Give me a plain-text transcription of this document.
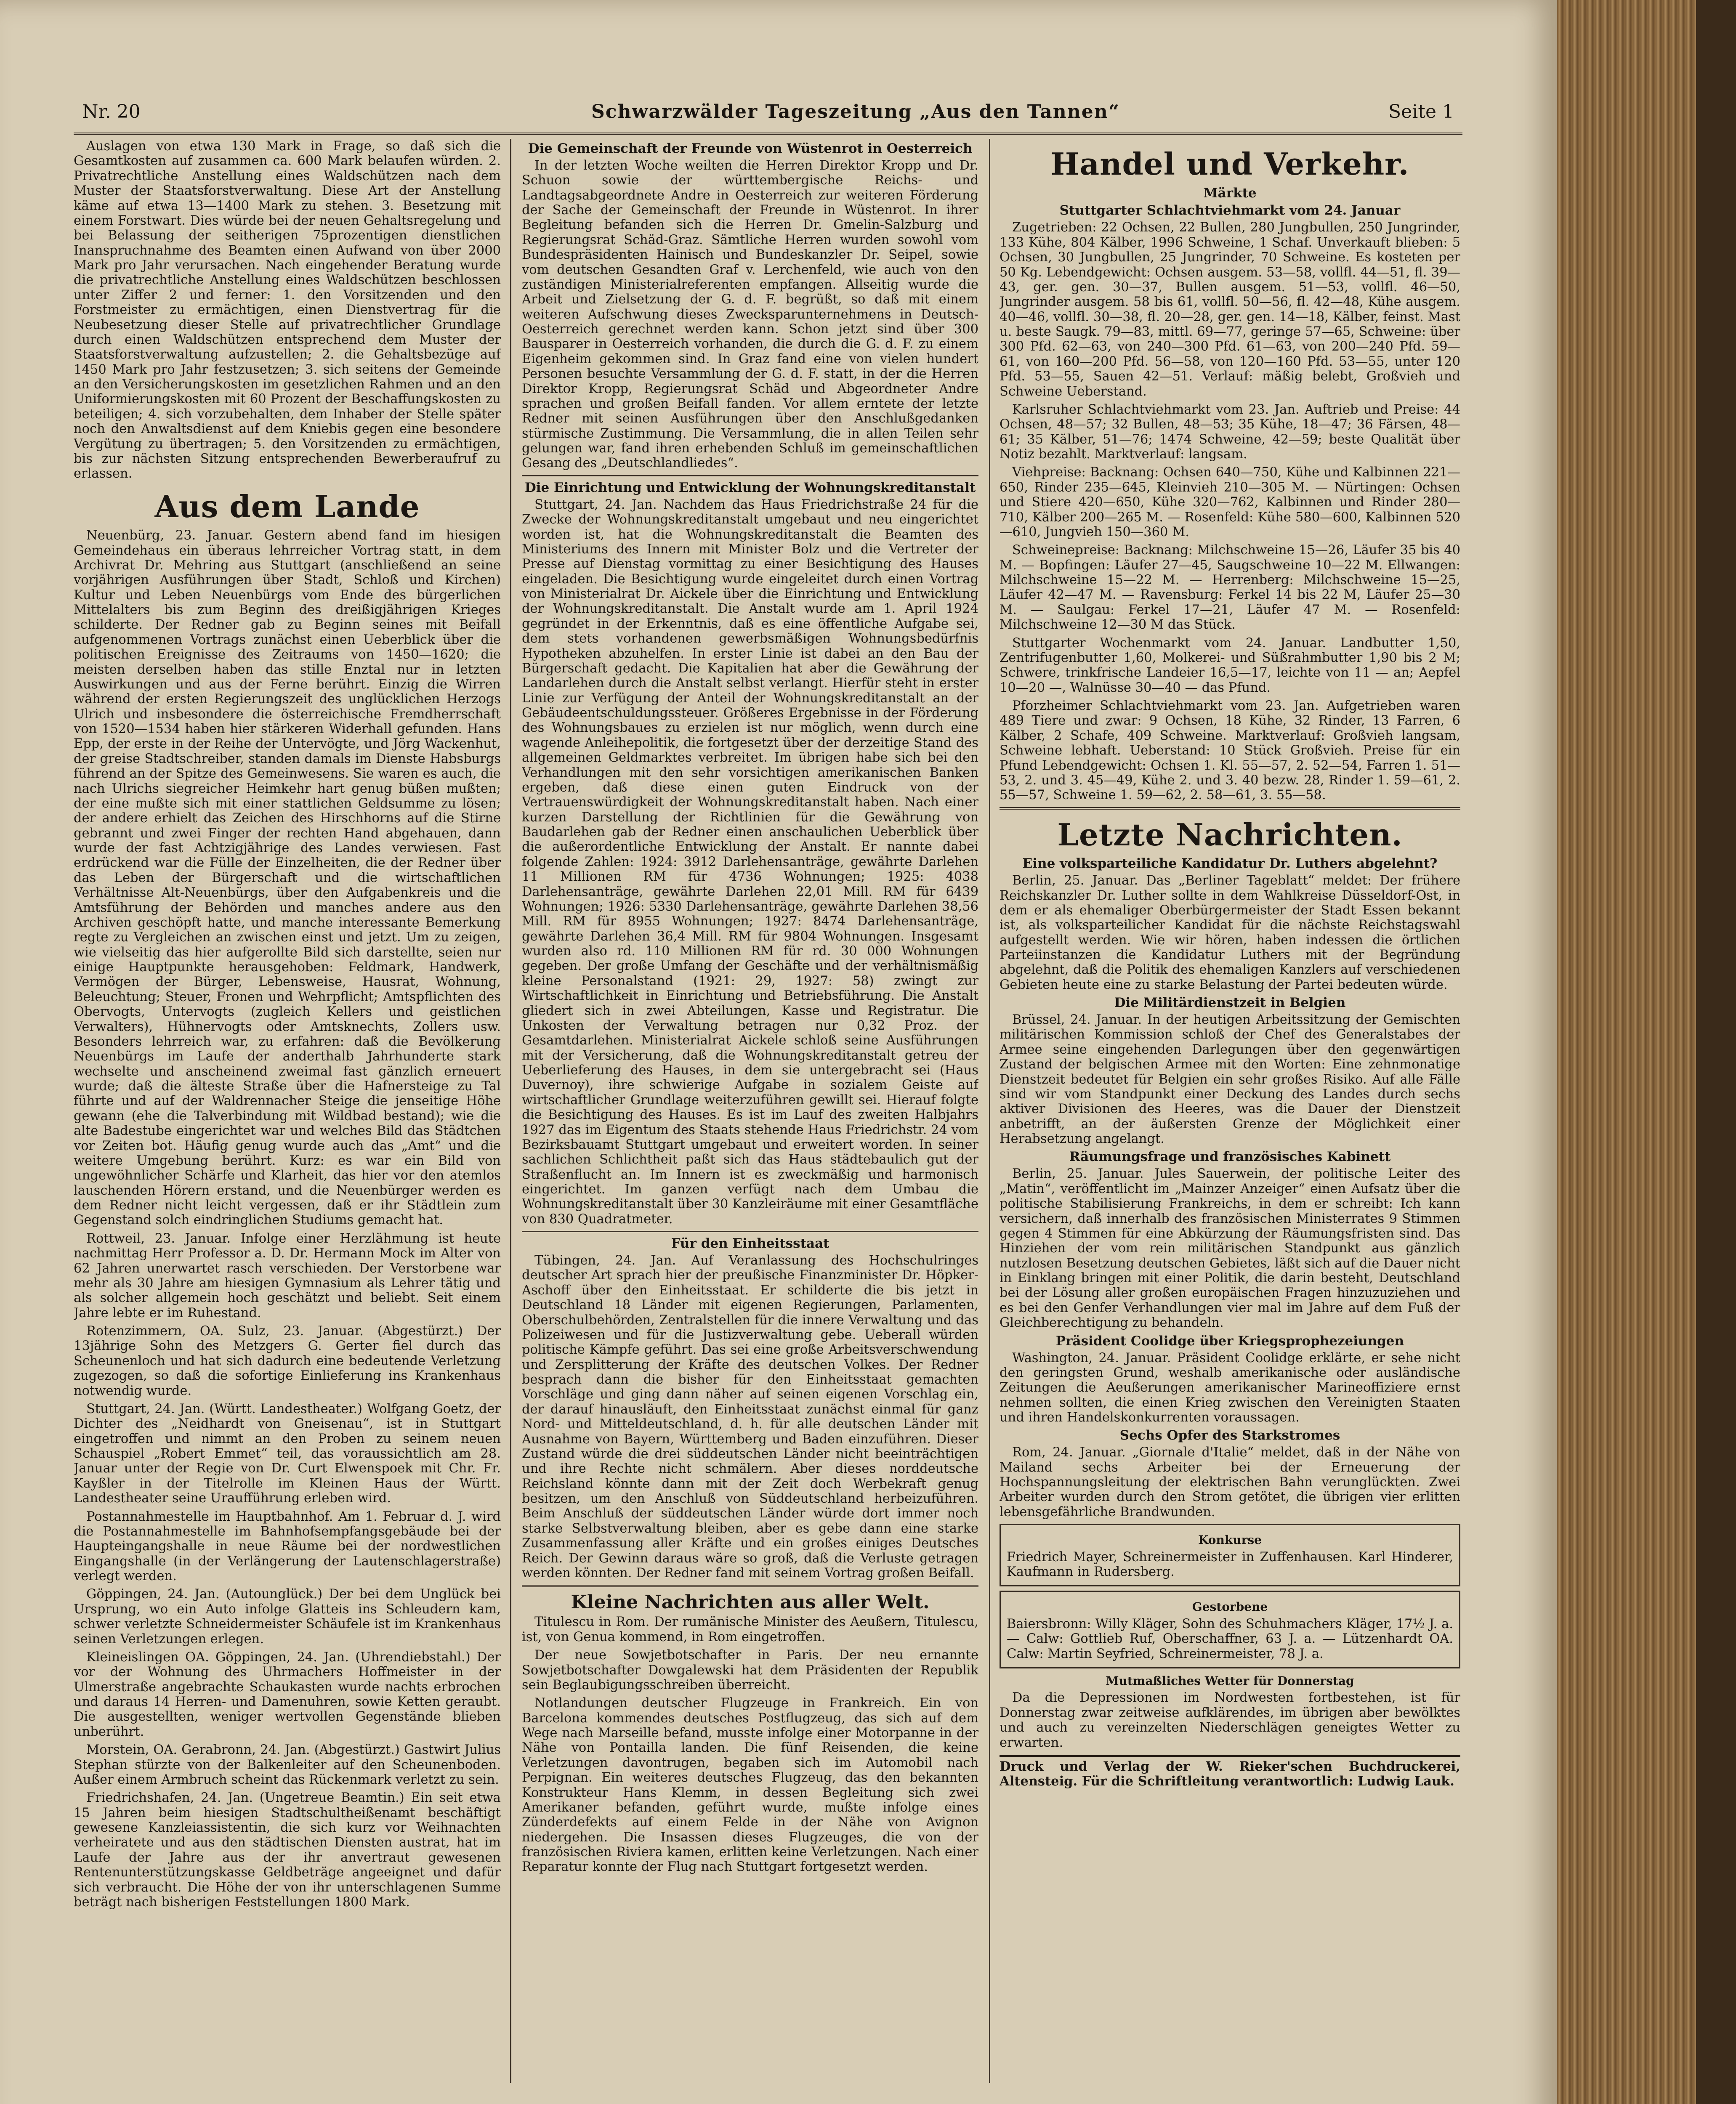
Nr. 20	Schwarzwälder Tageszeitung „Aus den Tannen“	Seite 1

Auslagen von etwa 130 Mark in Frage, so daß sich die Gesamtkosten auf zusammen ca. 600 Mark belaufen würden. 2. Privatrechtliche Anstellung eines Waldschützen nach dem Muster der Staatsforstverwaltung. Diese Art der Anstellung käme auf etwa 13—1400 Mark zu stehen. 3. Besetzung mit einem Forstwart. Dies würde bei der neuen Gehaltsregelung und bei Belassung der seitherigen 75prozentigen dienstlichen Inanspruchnahme des Beamten einen Aufwand von über 2000 Mark pro Jahr verursachen. Nach eingehender Beratung wurde die privatrechtliche Anstellung eines Waldschützen beschlossen unter Ziffer 2 und ferner: 1. den Vorsitzenden und den Forstmeister zu ermächtigen, einen Dienstvertrag für die Neubesetzung dieser Stelle auf privatrechtlicher Grundlage durch einen Waldschützen entsprechend dem Muster der Staatsforstverwaltung aufzustellen; 2. die Gehaltsbezüge auf 1450 Mark pro Jahr festzusetzen; 3. sich seitens der Gemeinde an den Versicherungskosten im gesetzlichen Rahmen und an den Uniformierungskosten mit 60 Prozent der Beschaffungskosten zu beteiligen; 4. sich vorzubehalten, dem Inhaber der Stelle später noch den Anwaltsdienst auf dem Kniebis gegen eine besondere Vergütung zu übertragen; 5. den Vorsitzenden zu ermächtigen, bis zur nächsten Sitzung entsprechenden Bewerberaufruf zu erlassen.

Aus dem Lande

Neuenbürg, 23. Januar. Gestern abend fand im hiesigen Gemeindehaus ein überaus lehrreicher Vortrag statt, in dem Archivrat Dr. Mehring aus Stuttgart (anschließend an seine vorjährigen Ausführungen über Stadt, Schloß und Kirchen) Kultur und Leben Neuenbürgs vom Ende des bürgerlichen Mittelalters bis zum Beginn des dreißigjährigen Krieges schilderte. Der Redner gab zu Beginn seines mit Beifall aufgenommenen Vortrags zunächst einen Ueberblick über die politischen Ereignisse des Zeitraums von 1450—1620; die meisten derselben haben das stille Enztal nur in letzten Auswirkungen und aus der Ferne berührt. Einzig die Wirren während der ersten Regierungszeit des unglücklichen Herzogs Ulrich und insbesondere die österreichische Fremdherrschaft von 1520—1534 haben hier stärkeren Widerhall gefunden. Hans Epp, der erste in der Reihe der Untervögte, und Jörg Wackenhut, der greise Stadtschreiber, standen damals im Dienste Habsburgs führend an der Spitze des Gemeinwesens. Sie waren es auch, die nach Ulrichs siegreicher Heimkehr hart genug büßen mußten; der eine mußte sich mit einer stattlichen Geldsumme zu lösen; der andere erhielt das Zeichen des Hirschhorns auf die Stirne gebrannt und zwei Finger der rechten Hand abgehauen, dann wurde der fast Achtzigjährige des Landes verwiesen. Fast erdrückend war die Fülle der Einzelheiten, die der Redner über das Leben der Bürgerschaft und die wirtschaftlichen Verhältnisse Alt-Neuenbürgs, über den Aufgabenkreis und die Amtsführung der Behörden und manches andere aus den Archiven geschöpft hatte, und manche interessante Bemerkung regte zu Vergleichen an zwischen einst und jetzt. Um zu zeigen, wie vielseitig das hier aufgerollte Bild sich darstellte, seien nur einige Hauptpunkte herausgehoben: Feldmark, Handwerk, Vermögen der Bürger, Lebensweise, Hausrat, Wohnung, Beleuchtung; Steuer, Fronen und Wehrpflicht; Amtspflichten des Obervogts, Untervogts (zugleich Kellers und geistlichen Verwalters), Hühnervogts oder Amtsknechts, Zollers usw. Besonders lehrreich war, zu erfahren: daß die Bevölkerung Neuenbürgs im Laufe der anderthalb Jahrhunderte stark wechselte und anscheinend zweimal fast gänzlich erneuert wurde; daß die älteste Straße über die Hafnersteige zu Tal führte und auf der Waldrennacher Steige die jenseitige Höhe gewann (ehe die Talverbindung mit Wildbad bestand); wie die alte Badestube eingerichtet war und welches Bild das Städtchen vor Zeiten bot. Häufig genug wurde auch das „Amt“ und die weitere Umgebung berührt. Kurz: es war ein Bild von ungewöhnlicher Schärfe und Klarheit, das hier vor den atemlos lauschenden Hörern erstand, und die Neuenbürger werden es dem Redner nicht leicht vergessen, daß er ihr Städtlein zum Gegenstand solch eindringlichen Studiums gemacht hat.

Rottweil, 23. Januar. Infolge einer Herzlähmung ist heute nachmittag Herr Professor a. D. Dr. Hermann Mock im Alter von 62 Jahren unerwartet rasch verschieden. Der Verstorbene war mehr als 30 Jahre am hiesigen Gymnasium als Lehrer tätig und als solcher allgemein hoch geschätzt und beliebt. Seit einem Jahre lebte er im Ruhestand.

Rotenzimmern, OA. Sulz, 23. Januar. (Abgestürzt.) Der 13jährige Sohn des Metzgers G. Gerter fiel durch das Scheunenloch und hat sich dadurch eine bedeutende Verletzung zugezogen, so daß die sofortige Einlieferung ins Krankenhaus notwendig wurde.

Stuttgart, 24. Jan. (Württ. Landestheater.) Wolfgang Goetz, der Dichter des „Neidhardt von Gneisenau“, ist in Stuttgart eingetroffen und nimmt an den Proben zu seinem neuen Schauspiel „Robert Emmet“ teil, das voraussichtlich am 28. Januar unter der Regie von Dr. Curt Elwenspoek mit Chr. Fr. Kayßler in der Titelrolle im Kleinen Haus der Württ. Landestheater seine Uraufführung erleben wird.

Postannahmestelle im Hauptbahnhof. Am 1. Februar d. J. wird die Postannahmestelle im Bahnhofsempfangsgebäude bei der Haupteingangshalle in neue Räume bei der nordwestlichen Eingangshalle (in der Verlängerung der Lautenschlagerstraße) verlegt werden.

Göppingen, 24. Jan. (Autounglück.) Der bei dem Unglück bei Ursprung, wo ein Auto infolge Glatteis ins Schleudern kam, schwer verletzte Schneidermeister Schäufele ist im Krankenhaus seinen Verletzungen erlegen.

Kleineislingen OA. Göppingen, 24. Jan. (Uhrendiebstahl.) Der vor der Wohnung des Uhrmachers Hoffmeister in der Ulmerstraße angebrachte Schaukasten wurde nachts erbrochen und daraus 14 Herren- und Damenuhren, sowie Ketten geraubt. Die ausgestellten, weniger wertvollen Gegenstände blieben unberührt.

Morstein, OA. Gerabronn, 24. Jan. (Abgestürzt.) Gastwirt Julius Stephan stürzte von der Balkenleiter auf den Scheunenboden. Außer einem Armbruch scheint das Rückenmark verletzt zu sein.

Friedrichshafen, 24. Jan. (Ungetreue Beamtin.) Ein seit etwa 15 Jahren beim hiesigen Stadtschultheißenamt beschäftigt gewesene Kanzleiassistentin, die sich kurz vor Weihnachten verheiratete und aus den städtischen Diensten austrat, hat im Laufe der Jahre aus der ihr anvertraut gewesenen Rentenunterstützungskasse Geldbeträge angeeignet und dafür sich verbraucht. Die Höhe der von ihr unterschlagenen Summe beträgt nach bisherigen Feststellungen 1800 Mark.

Die Gemeinschaft der Freunde von Wüstenrot in Oesterreich

In der letzten Woche weilten die Herren Direktor Kropp und Dr. Schuon sowie der württembergische Reichs- und Landtagsabgeordnete Andre in Oesterreich zur weiteren Förderung der Sache der Gemeinschaft der Freunde in Wüstenrot. In ihrer Begleitung befanden sich die Herren Dr. Gmelin-Salzburg und Regierungsrat Schäd-Graz. Sämtliche Herren wurden sowohl vom Bundespräsidenten Hainisch und Bundeskanzler Dr. Seipel, sowie vom deutschen Gesandten Graf v. Lerchenfeld, wie auch von den zuständigen Ministerialreferenten empfangen. Allseitig wurde die Arbeit und Zielsetzung der G. d. F. begrüßt, so daß mit einem weiteren Aufschwung dieses Zwecksparunternehmens in Deutsch-Oesterreich gerechnet werden kann. Schon jetzt sind über 300 Bausparer in Oesterreich vorhanden, die durch die G. d. F. zu einem Eigenheim gekommen sind. In Graz fand eine von vielen hundert Personen besuchte Versammlung der G. d. F. statt, in der die Herren Direktor Kropp, Regierungsrat Schäd und Abgeordneter Andre sprachen und großen Beifall fanden. Vor allem erntete der letzte Redner mit seinen Ausführungen über den Anschlußgedanken stürmische Zustimmung. Die Versammlung, die in allen Teilen sehr gelungen war, fand ihren erhebenden Schluß im gemeinschaftlichen Gesang des „Deutschlandliedes“.

Die Einrichtung und Entwicklung der Wohnungskreditanstalt

Stuttgart, 24. Jan. Nachdem das Haus Friedrichstraße 24 für die Zwecke der Wohnungskreditanstalt umgebaut und neu eingerichtet worden ist, hat die Wohnungskreditanstalt die Beamten des Ministeriums des Innern mit Minister Bolz und die Vertreter der Presse auf Dienstag vormittag zu einer Besichtigung des Hauses eingeladen. Die Besichtigung wurde eingeleitet durch einen Vortrag von Ministerialrat Dr. Aickele über die Einrichtung und Entwicklung der Wohnungskreditanstalt. Die Anstalt wurde am 1. April 1924 gegründet in der Erkenntnis, daß es eine öffentliche Aufgabe sei, dem stets vorhandenen gewerbsmäßigen Wohnungsbedürfnis Hypotheken abzuhelfen. In erster Linie ist dabei an den Bau der Bürgerschaft gedacht. Die Kapitalien hat aber die Gewährung der Landarlehen durch die Anstalt selbst verlangt. Hierfür steht in erster Linie zur Verfügung der Anteil der Wohnungskreditanstalt an der Gebäudeentschuldungssteuer. Größeres Ergebnisse in der Förderung des Wohnungsbaues zu erzielen ist nur möglich, wenn durch eine wagende Anleihepolitik, die fortgesetzt über der derzeitige Stand des allgemeinen Geldmarktes verbreitet. Im übrigen habe sich bei den Verhandlungen mit den sehr vorsichtigen amerikanischen Banken ergeben, daß diese einen guten Eindruck von der Vertrauenswürdigkeit der Wohnungskreditanstalt haben. Nach einer kurzen Darstellung der Richtlinien für die Gewährung von Baudarlehen gab der Redner einen anschaulichen Ueberblick über die außerordentliche Entwicklung der Anstalt. Er nannte dabei folgende Zahlen: 1924: 3912 Darlehensanträge, gewährte Darlehen 11 Millionen RM für 4736 Wohnungen; 1925: 4038 Darlehensanträge, gewährte Darlehen 22,01 Mill. RM für 6439 Wohnungen; 1926: 5330 Darlehensanträge, gewährte Darlehen 38,56 Mill. RM für 8955 Wohnungen; 1927: 8474 Darlehensanträge, gewährte Darlehen 36,4 Mill. RM für 9804 Wohnungen. Insgesamt wurden also rd. 110 Millionen RM für rd. 30 000 Wohnungen gegeben. Der große Umfang der Geschäfte und der verhältnismäßig kleine Personalstand (1921: 29, 1927: 58) zwingt zur Wirtschaftlichkeit in Einrichtung und Betriebsführung. Die Anstalt gliedert sich in zwei Abteilungen, Kasse und Registratur. Die Unkosten der Verwaltung betragen nur 0,32 Proz. der Gesamtdarlehen. Ministerialrat Aickele schloß seine Ausführungen mit der Versicherung, daß die Wohnungskreditanstalt getreu der Ueberlieferung des Hauses, in dem sie untergebracht sei (Haus Duvernoy), ihre schwierige Aufgabe in sozialem Geiste auf wirtschaftlicher Grundlage weiterzuführen gewillt sei. Hierauf folgte die Besichtigung des Hauses. Es ist im Lauf des zweiten Halbjahrs 1927 das im Eigentum des Staats stehende Haus Friedrichstr. 24 vom Bezirksbauamt Stuttgart umgebaut und erweitert worden. In seiner sachlichen Schlichtheit paßt sich das Haus städtebaulich gut der Straßenflucht an. Im Innern ist es zweckmäßig und harmonisch eingerichtet. Im ganzen verfügt nach dem Umbau die Wohnungskreditanstalt über 30 Kanzleiräume mit einer Gesamtfläche von 830 Quadratmeter.

Für den Einheitsstaat

Tübingen, 24. Jan. Auf Veranlassung des Hochschulringes deutscher Art sprach hier der preußische Finanzminister Dr. Höpker-Aschoff über den Einheitsstaat. Er schilderte die bis jetzt in Deutschland 18 Länder mit eigenen Regierungen, Parlamenten, Oberschulbehörden, Zentralstellen für die innere Verwaltung und das Polizeiwesen und für die Justizverwaltung gebe. Ueberall würden politische Kämpfe geführt. Das sei eine große Arbeitsverschwendung und Zersplitterung der Kräfte des deutschen Volkes. Der Redner besprach dann die bisher für den Einheitsstaat gemachten Vorschläge und ging dann näher auf seinen eigenen Vorschlag ein, der darauf hinausläuft, den Einheitsstaat zunächst einmal für ganz Nord- und Mitteldeutschland, d. h. für alle deutschen Länder mit Ausnahme von Bayern, Württemberg und Baden einzuführen. Dieser Zustand würde die drei süddeutschen Länder nicht beeinträchtigen und ihre Rechte nicht schmälern. Aber dieses norddeutsche Reichsland könnte dann mit der Zeit doch Werbekraft genug besitzen, um den Anschluß von Süddeutschland herbeizuführen. Beim Anschluß der süddeutschen Länder würde dort immer noch starke Selbstverwaltung bleiben, aber es gebe dann eine starke Zusammenfassung aller Kräfte und ein großes einiges Deutsches Reich. Der Gewinn daraus wäre so groß, daß die Verluste getragen werden könnten. Der Redner fand mit seinem Vortrag großen Beifall.

Kleine Nachrichten aus aller Welt.

Titulescu in Rom. Der rumänische Minister des Aeußern, Titulescu, ist, von Genua kommend, in Rom eingetroffen.

Der neue Sowjetbotschafter in Paris. Der neu ernannte Sowjetbotschafter Dowgalewski hat dem Präsidenten der Republik sein Beglaubigungsschreiben überreicht.

Notlandungen deutscher Flugzeuge in Frankreich. Ein von Barcelona kommendes deutsches Postflugzeug, das sich auf dem Wege nach Marseille befand, musste infolge einer Motorpanne in der Nähe von Pontailla landen. Die fünf Reisenden, die keine Verletzungen davontrugen, begaben sich im Automobil nach Perpignan. Ein weiteres deutsches Flugzeug, das den bekannten Konstrukteur Hans Klemm, in dessen Begleitung sich zwei Amerikaner befanden, geführt wurde, mußte infolge eines Zünderdefekts auf einem Felde in der Nähe von Avignon niedergehen. Die Insassen dieses Flugzeuges, die von der französischen Riviera kamen, erlitten keine Verletzungen. Nach einer Reparatur konnte der Flug nach Stuttgart fortgesetzt werden.

Handel und Verkehr.
Märkte
Stuttgarter Schlachtviehmarkt vom 24. Januar

Zugetrieben: 22 Ochsen, 22 Bullen, 280 Jungbullen, 250 Jungrinder, 133 Kühe, 804 Kälber, 1996 Schweine, 1 Schaf. Unverkauft blieben: 5 Ochsen, 30 Jungbullen, 25 Jungrinder, 70 Schweine. Es kosteten per 50 Kg. Lebendgewicht: Ochsen ausgem. 53—58, vollfl. 44—51, fl. 39—43, ger. gen. 30—37, Bullen ausgem. 51—53, vollfl. 46—50, Jungrinder ausgem. 58 bis 61, vollfl. 50—56, fl. 42—48, Kühe ausgem. 40—46, vollfl. 30—38, fl. 20—28, ger. gen. 14—18, Kälber, feinst. Mast u. beste Saugk. 79—83, mittl. 69—77, geringe 57—65, Schweine: über 300 Pfd. 62—63, von 240—300 Pfd. 61—63, von 200—240 Pfd. 59—61, von 160—200 Pfd. 56—58, von 120—160 Pfd. 53—55, unter 120 Pfd. 53—55, Sauen 42—51. Verlauf: mäßig belebt, Großvieh und Schweine Ueberstand.

Karlsruher Schlachtviehmarkt vom 23. Jan. Auftrieb und Preise: 44 Ochsen, 48—57; 32 Bullen, 48—53; 35 Kühe, 18—47; 36 Färsen, 48—61; 35 Kälber, 51—76; 1474 Schweine, 42—59; beste Qualität über Notiz bezahlt. Marktverlauf: langsam.

Viehpreise: Backnang: Ochsen 640—750, Kühe und Kalbinnen 221—650, Rinder 235—645, Kleinvieh 210—305 M. — Nürtingen: Ochsen und Stiere 420—650, Kühe 320—762, Kalbinnen und Rinder 280—710, Kälber 200—265 M. — Rosenfeld: Kühe 580—600, Kalbinnen 520—610, Jungvieh 150—360 M.

Schweinepreise: Backnang: Milchschweine 15—26, Läufer 35 bis 40 M. — Bopfingen: Läufer 27—45, Saugschweine 10—22 M. Ellwangen: Milchschweine 15—22 M. — Herrenberg: Milchschweine 15—25, Läufer 42—47 M. — Ravensburg: Ferkel 14 bis 22 M, Läufer 25—30 M. — Saulgau: Ferkel 17—21, Läufer 47 M. — Rosenfeld: Milchschweine 12—30 M das Stück.

Stuttgarter Wochenmarkt vom 24. Januar. Landbutter 1,50, Zentrifugenbutter 1,60, Molkerei- und Süßrahmbutter 1,90 bis 2 M; Schwere, trinkfrische Landeier 16,5—17, leichte von 11 — an; Aepfel 10—20 —, Walnüsse 30—40 — das Pfund.

Pforzheimer Schlachtviehmarkt vom 23. Jan. Aufgetrieben waren 489 Tiere und zwar: 9 Ochsen, 18 Kühe, 32 Rinder, 13 Farren, 6 Kälber, 2 Schafe, 409 Schweine. Marktverlauf: Großvieh langsam, Schweine lebhaft. Ueberstand: 10 Stück Großvieh. Preise für ein Pfund Lebendgewicht: Ochsen 1. Kl. 55—57, 2. 52—54, Farren 1. 51—53, 2. und 3. 45—49, Kühe 2. und 3. 40 bezw. 28, Rinder 1. 59—61, 2. 55—57, Schweine 1. 59—62, 2. 58—61, 3. 55—58.

Letzte Nachrichten.
Eine volksparteiliche Kandidatur Dr. Luthers abgelehnt?

Berlin, 25. Januar. Das „Berliner Tageblatt“ meldet: Der frühere Reichskanzler Dr. Luther sollte in dem Wahlkreise Düsseldorf-Ost, in dem er als ehemaliger Oberbürgermeister der Stadt Essen bekannt ist, als volksparteilicher Kandidat für die nächste Reichstagswahl aufgestellt werden. Wie wir hören, haben indessen die örtlichen Parteiinstanzen die Kandidatur Luthers mit der Begründung abgelehnt, daß die Politik des ehemaligen Kanzlers auf verschiedenen Gebieten heute eine zu starke Belastung der Partei bedeuten würde.

Die Militärdienstzeit in Belgien

Brüssel, 24. Januar. In der heutigen Arbeitssitzung der Gemischten militärischen Kommission schloß der Chef des Generalstabes der Armee seine eingehenden Darlegungen über den gegenwärtigen Zustand der belgischen Armee mit den Worten: Eine zehnmonatige Dienstzeit bedeutet für Belgien ein sehr großes Risiko. Auf alle Fälle sind wir vom Standpunkt einer Deckung des Landes durch sechs aktiver Divisionen des Heeres, was die Dauer der Dienstzeit anbetrifft, an der äußersten Grenze der Möglichkeit einer Herabsetzung angelangt.

Räumungsfrage und französisches Kabinett

Berlin, 25. Januar. Jules Sauerwein, der politische Leiter des „Matin“, veröffentlicht im „Mainzer Anzeiger“ einen Aufsatz über die politische Stabilisierung Frankreichs, in dem er schreibt: Ich kann versichern, daß innerhalb des französischen Ministerrates 9 Stimmen gegen 4 Stimmen für eine Abkürzung der Räumungsfristen sind. Das Hinziehen der vom rein militärischen Standpunkt aus gänzlich nutzlosen Besetzung deutschen Gebietes, läßt sich auf die Dauer nicht in Einklang bringen mit einer Politik, die darin besteht, Deutschland bei der Lösung aller großen europäischen Fragen hinzuzuziehen und es bei den Genfer Verhandlungen vier mal im Jahre auf dem Fuß der Gleichberechtigung zu behandeln.

Präsident Coolidge über Kriegsprophezeiungen

Washington, 24. Januar. Präsident Coolidge erklärte, er sehe nicht den geringsten Grund, weshalb amerikanische oder ausländische Zeitungen die Aeußerungen amerikanischer Marineoffiziere ernst nehmen sollten, die einen Krieg zwischen den Vereinigten Staaten und ihren Handelskonkurrenten voraussagen.

Sechs Opfer des Starkstromes

Rom, 24. Januar. „Giornale d'Italie“ meldet, daß in der Nähe von Mailand sechs Arbeiter bei der Erneuerung der Hochspannungsleitung der elektrischen Bahn verunglückten. Zwei Arbeiter wurden durch den Strom getötet, die übrigen vier erlitten lebensgefährliche Brandwunden.

Konkurse

Friedrich Mayer, Schreinermeister in Zuffenhausen. Karl Hinderer, Kaufmann in Rudersberg.

Gestorbene

Baiersbronn: Willy Kläger, Sohn des Schuhmachers Kläger, 17½ J. a. — Calw: Gottlieb Ruf, Oberschaffner, 63 J. a. — Lützenhardt OA. Calw: Martin Seyfried, Schreinermeister, 78 J. a.

Mutmaßliches Wetter für Donnerstag

Da die Depressionen im Nordwesten fortbestehen, ist für Donnerstag zwar zeitweise aufklärendes, im übrigen aber bewölktes und auch zu vereinzelten Niederschlägen geneigtes Wetter zu erwarten.

Druck und Verlag der W. Rieker'schen Buchdruckerei, Altensteig. Für die Schriftleitung verantwortlich: Ludwig Lauk.
